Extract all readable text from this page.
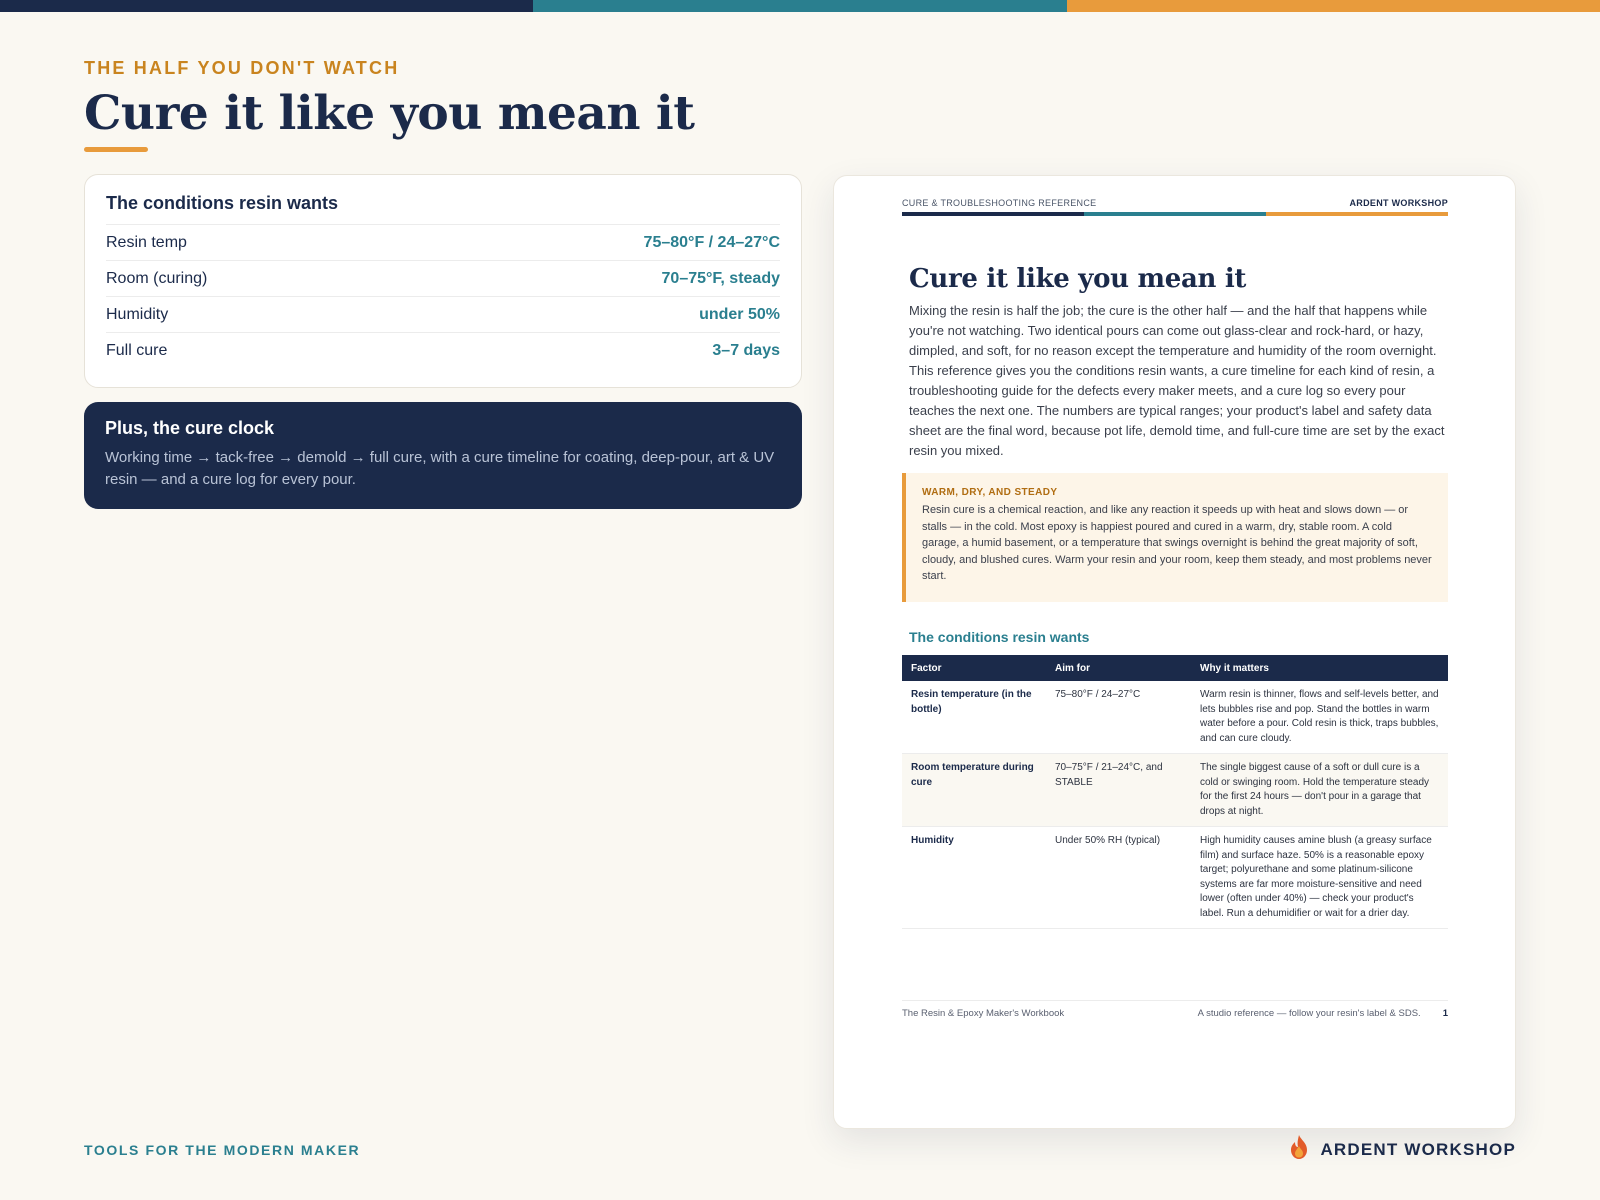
THE HALF YOU DON'T WATCH
Cure it like you mean it
The conditions resin wants
Resin temp	75–80°F / 24–27°C
Room (curing)	70–75°F, steady
Humidity	under 50%
Full cure	3–7 days
Plus, the cure clock

Working time → tack-free → demold → full cure, with a cure timeline for coating, deep-pour, art & UV resin — and a cure log for every pour.

CURE & TROUBLESHOOTING REFERENCE	ARDENT WORKSHOP
Cure it like you mean it

Mixing the resin is half the job; the cure is the other half — and the half that happens while you're not watching. Two identical pours can come out glass-clear and rock-hard, or hazy, dimpled, and soft, for no reason except the temperature and humidity of the room overnight. This reference gives you the conditions resin wants, a cure timeline for each kind of resin, a troubleshooting guide for the defects every maker meets, and a cure log so every pour teaches the next one. The numbers are typical ranges; your product's label and safety data sheet are the final word, because pot life, demold time, and full-cure time are set by the exact resin you mixed.

WARM, DRY, AND STEADY

Resin cure is a chemical reaction, and like any reaction it speeds up with heat and slows down — or stalls — in the cold. Most epoxy is happiest poured and cured in a warm, dry, stable room. A cold garage, a humid basement, or a temperature that swings overnight is behind the great majority of soft, cloudy, and blushed cures. Warm your resin and your room, keep them steady, and most problems never start.

The conditions resin wants
Factor	Aim for	Why it matters
Resin temperature (in the bottle)	75–80°F / 24–27°C	Warm resin is thinner, flows and self-levels better, and lets bubbles rise and pop. Stand the bottles in warm water before a pour. Cold resin is thick, traps bubbles, and can cure cloudy.
Room temperature during cure	70–75°F / 21–24°C, and STABLE	The single biggest cause of a soft or dull cure is a cold or swinging room. Hold the temperature steady for the first 24 hours — don't pour in a garage that drops at night.
Humidity	Under 50% RH (typical)	High humidity causes amine blush (a greasy surface film) and surface haze. 50% is a reasonable epoxy target; polyurethane and some platinum-silicone systems are far more moisture-sensitive and need lower (often under 40%) — check your product's label. Run a dehumidifier or wait for a drier day.
The Resin & Epoxy Maker's Workbook	A studio reference — follow your resin's label & SDS. 1
TOOLS FOR THE MODERN MAKER	ARDENT WORKSHOP
